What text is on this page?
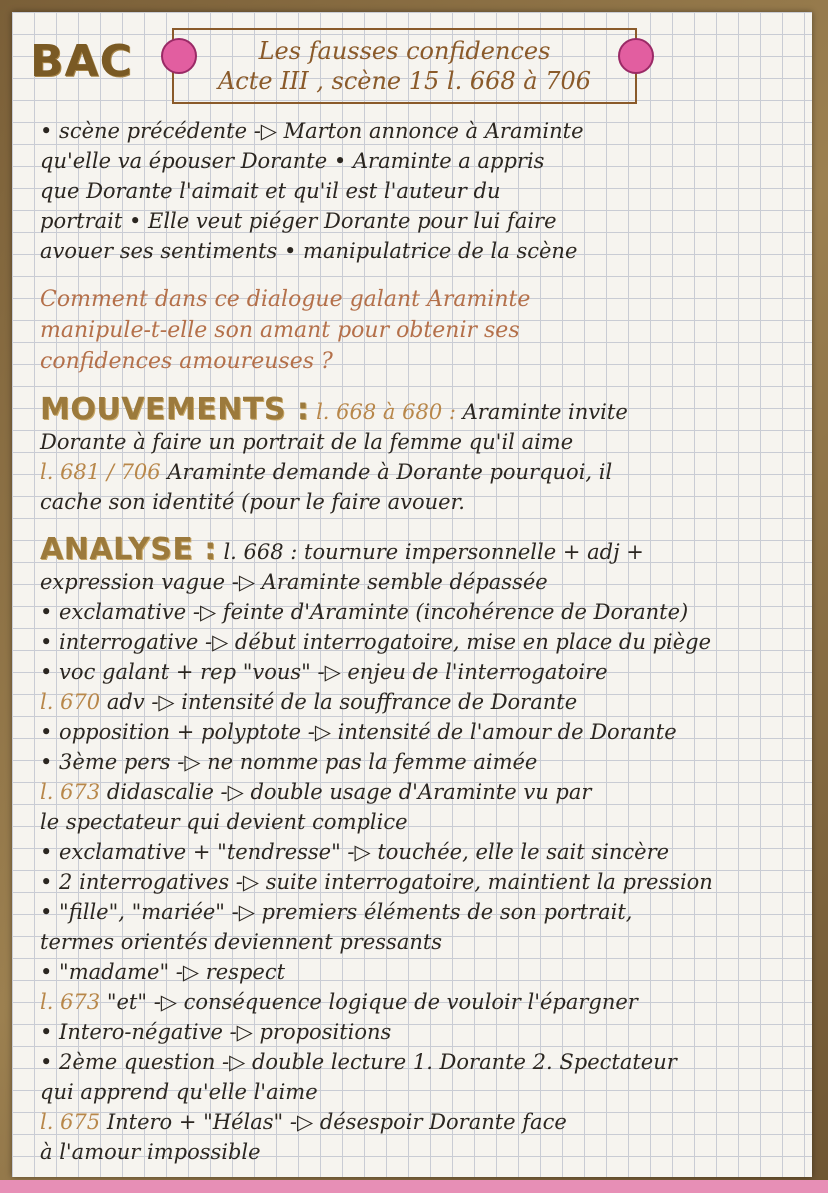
BAC	Les fausses confidences
Acte III , scène 15 l. 668 à 706

• scène précédente -▷ Marton annonce à Araminte

qu'elle va épouser Dorante • Araminte a appris

que Dorante l'aimait et qu'il est l'auteur du

portrait • Elle veut piéger Dorante pour lui faire

avouer ses sentiments • manipulatrice de la scène

Comment dans ce dialogue galant Araminte

manipule-t-elle son amant pour obtenir ses

confidences amoureuses ?

MOUVEMENTS : l. 668 à 680 : Araminte invite

Dorante à faire un portrait de la femme qu'il aime

l. 681 / 706 Araminte demande à Dorante pourquoi, il

cache son identité (pour le faire avouer.

ANALYSE : l. 668 : tournure impersonnelle + adj +

expression vague -▷ Araminte semble dépassée

• exclamative -▷ feinte d'Araminte (incohérence de Dorante)

• interrogative -▷ début interrogatoire, mise en place du piège

• voc galant + rep "vous" -▷ enjeu de l'interrogatoire

l. 670 adv -▷ intensité de la souffrance de Dorante

• opposition + polyptote -▷ intensité de l'amour de Dorante

• 3ème pers -▷ ne nomme pas la femme aimée

l. 673 didascalie -▷ double usage d'Araminte vu par

le spectateur qui devient complice

• exclamative + "tendresse" -▷ touchée, elle le sait sincère

• 2 interrogatives -▷ suite interrogatoire, maintient la pression

• "fille", "mariée" -▷ premiers éléments de son portrait,

termes orientés deviennent pressants

• "madame" -▷ respect

l. 673 "et" -▷ conséquence logique de vouloir l'épargner

• Intero-négative -▷ propositions

• 2ème question -▷ double lecture 1. Dorante 2. Spectateur

qui apprend qu'elle l'aime

l. 675 Intero + "Hélas" -▷ désespoir Dorante face

à l'amour impossible
